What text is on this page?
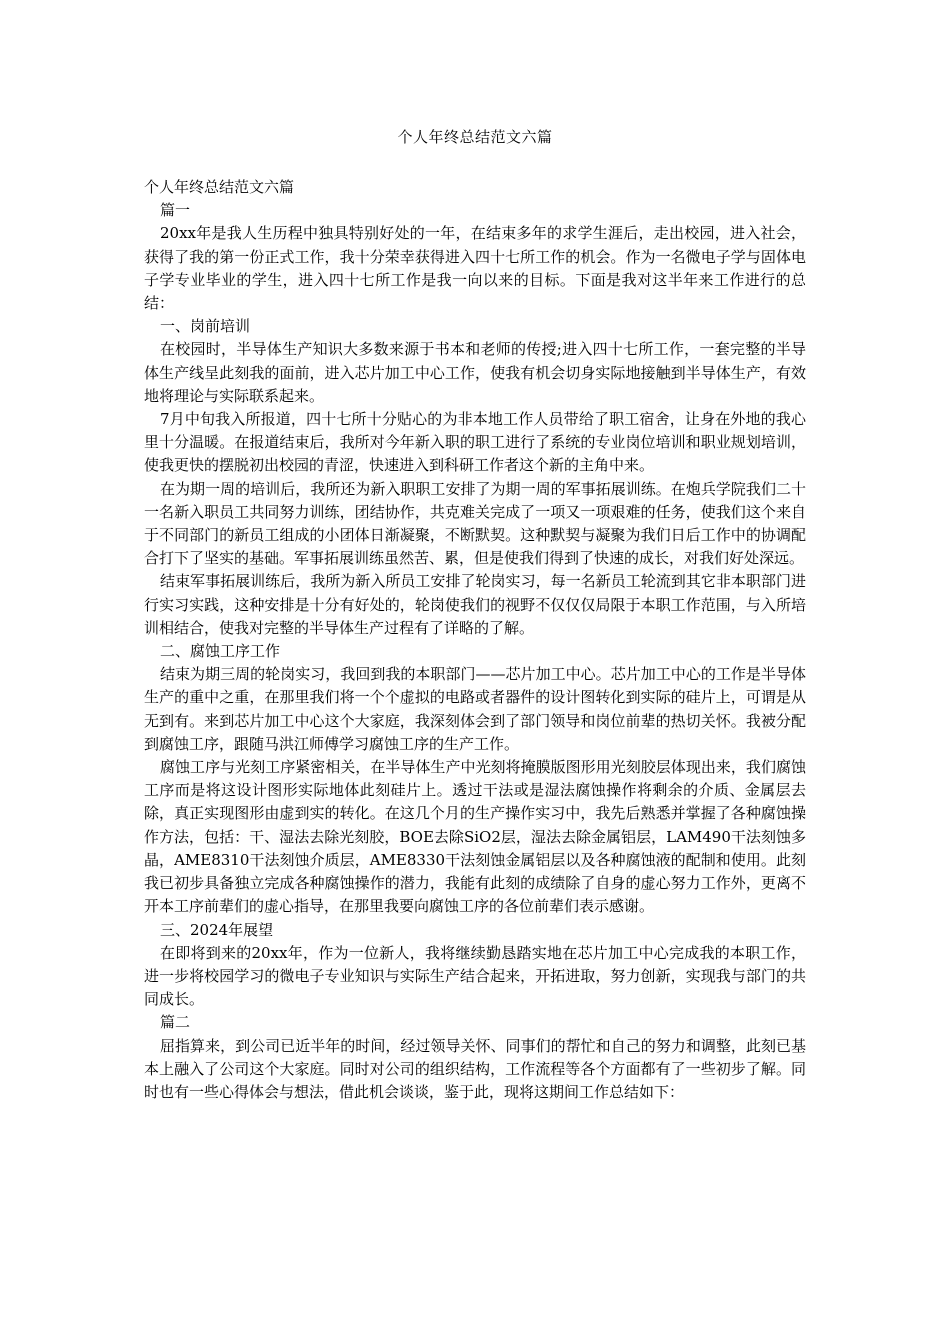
个人年终总结范文六篇

个人年终总结范文六篇

篇一

20xx年是我人生历程中独具特别好处的一年，在结束多年的求学生涯后，走出校园，进入社会，获得了我的第一份正式工作，我十分荣幸获得进入四十七所工作的机会。作为一名微电子学与固体电子学专业毕业的学生，进入四十七所工作是我一向以来的目标。下面是我对这半年来工作进行的总结：

一、岗前培训

在校园时，半导体生产知识大多数来源于书本和老师的传授;进入四十七所工作，一套完整的半导体生产线呈此刻我的面前，进入芯片加工中心工作，使我有机会切身实际地接触到半导体生产，有效地将理论与实际联系起来。

7月中旬我入所报道，四十七所十分贴心的为非本地工作人员带给了职工宿舍，让身在外地的我心里十分温暖。在报道结束后，我所对今年新入职的职工进行了系统的专业岗位培训和职业规划培训，使我更快的摆脱初出校园的青涩，快速进入到科研工作者这个新的主角中来。

在为期一周的培训后，我所还为新入职职工安排了为期一周的军事拓展训练。在炮兵学院我们二十一名新入职员工共同努力训练，团结协作，共克难关完成了一项又一项艰难的任务，使我们这个来自于不同部门的新员工组成的小团体日渐凝聚，不断默契。这种默契与凝聚为我们日后工作中的协调配合打下了坚实的基础。军事拓展训练虽然苦、累，但是使我们得到了快速的成长，对我们好处深远。

结束军事拓展训练后，我所为新入所员工安排了轮岗实习，每一名新员工轮流到其它非本职部门进行实习实践，这种安排是十分有好处的，轮岗使我们的视野不仅仅仅局限于本职工作范围，与入所培训相结合，使我对完整的半导体生产过程有了详略的了解。

二、腐蚀工序工作

结束为期三周的轮岗实习，我回到我的本职部门——芯片加工中心。芯片加工中心的工作是半导体生产的重中之重，在那里我们将一个个虚拟的电路或者器件的设计图转化到实际的硅片上，可谓是从无到有。来到芯片加工中心这个大家庭，我深刻体会到了部门领导和岗位前辈的热切关怀。我被分配到腐蚀工序，跟随马洪江师傅学习腐蚀工序的生产工作。

腐蚀工序与光刻工序紧密相关，在半导体生产中光刻将掩膜版图形用光刻胶层体现出来，我们腐蚀工序而是将这设计图形实际地体此刻硅片上。透过干法或是湿法腐蚀操作将剩余的介质、金属层去除，真正实现图形由虚到实的转化。在这几个月的生产操作实习中，我先后熟悉并掌握了各种腐蚀操作方法，包括：干、湿法去除光刻胶，BOE去除SiO2层，湿法去除金属铝层，LAM490干法刻蚀多晶，AME8310干法刻蚀介质层，AME8330干法刻蚀金属铝层以及各种腐蚀液的配制和使用。此刻我已初步具备独立完成各种腐蚀操作的潜力，我能有此刻的成绩除了自身的虚心努力工作外，更离不开本工序前辈们的虚心指导，在那里我要向腐蚀工序的各位前辈们表示感谢。

三、2024年展望

在即将到来的20xx年，作为一位新人，我将继续勤恳踏实地在芯片加工中心完成我的本职工作，进一步将校园学习的微电子专业知识与实际生产结合起来，开拓进取，努力创新，实现我与部门的共同成长。

篇二

屈指算来，到公司已近半年的时间，经过领导关怀、同事们的帮忙和自己的努力和调整，此刻已基本上融入了公司这个大家庭。同时对公司的组织结构，工作流程等各个方面都有了一些初步了解。同时也有一些心得体会与想法，借此机会谈谈，鉴于此，现将这期间工作总结如下：
